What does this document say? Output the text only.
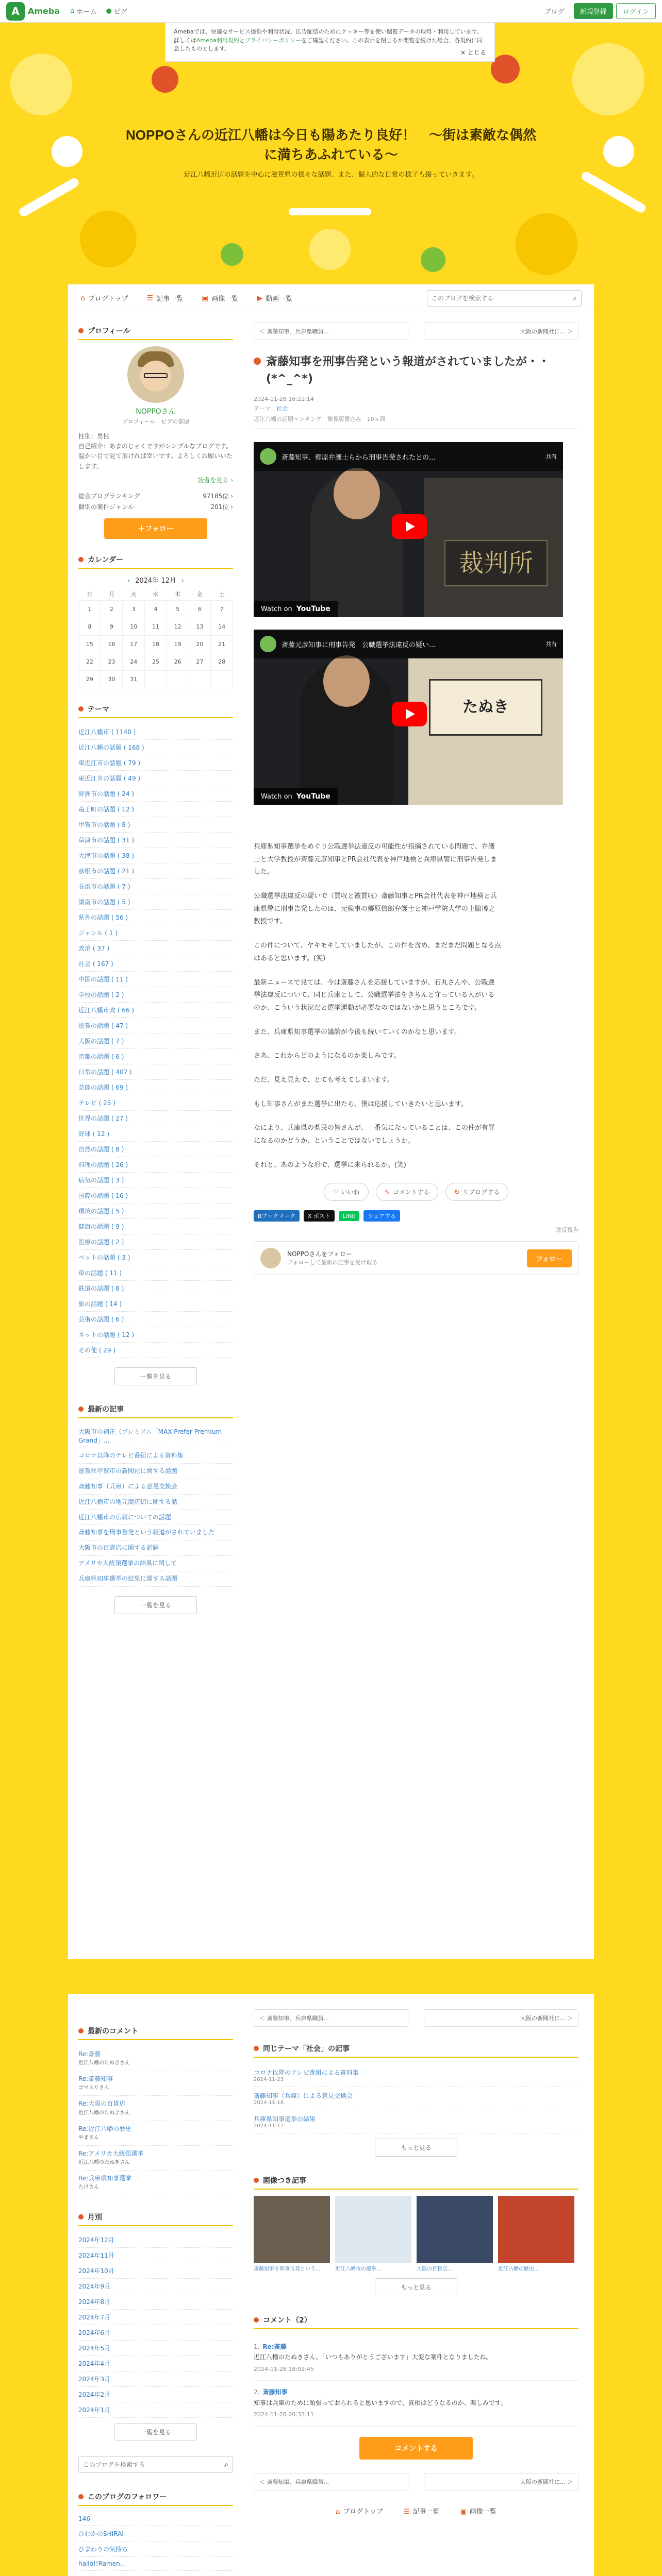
A	Ameba ⌂ ホーム ● ピグ	ブログ	新規登録	ログイン
NOPPOさんの近江八幡は今日も陽あたり良好！　〜街は素敵な偶然
に満ちあふれている〜
近江八幡近辺の話題を中心に滋賀県の様々な話題、また、個人的な日常の様子も綴っていきます。
Amebaでは、快適なサービス提供や利用状況、広告配信のためにクッキー等を使い閲覧データの取得・利用しています。詳しくはAmeba利用規約とプライバシーポリシーをご確認ください。この表示を閉じるか閲覧を続けた場合、各規約に同意したものとします。
× とじる
⌂ ブログトップ	☰ 記事一覧	▣ 画像一覧	▶ 動画一覧
このブログを検索する	⌕
プロフィール
NOPPOさん
プロフィール　ピグの部屋
性別：男性
自己紹介：あまのじゃくですがシンプルなブログです。温かい目で見て頂ければ幸いです。よろしくお願いいたします。
読者を見る ›
総合ブログランキング	97185位 ›
個別の案件ジャンル	201位 ›
＋フォロー
カレンダー
‹ 2024年 12月 ›
日	月	火	水	木	金	土
1	2	3	4	5	6	7
8	9	10	11	12	13	14
15	16	17	18	19	20	21
22	23	24	25	26	27	28
29	30	31				
テーマ
近江八幡市 ( 1140 )
近江八幡の話題 ( 168 )
東近江市の話題 ( 79 )
東近江市の話題 ( 49 )
野洲市の話題 ( 24 )
竜王町の話題 ( 12 )
甲賀市の話題 ( 8 )
草津市の話題 ( 31 )
大津市の話題 ( 38 )
彦根市の話題 ( 21 )
長浜市の話題 ( 7 )
湖南市の話題 ( 5 )
県外の話題 ( 56 )
ジャンル ( 1 )
政治 ( 37 )
社会 ( 167 )
中国の話題 ( 11 )
学校の話題 ( 2 )
近江八幡市政 ( 66 )
滋賀の話題 ( 47 )
大阪の話題 ( 7 )
京都の話題 ( 6 )
日常の話題 ( 407 )
芸能の話題 ( 69 )
テレビ ( 25 )
世界の話題 ( 27 )
野球 ( 12 )
自然の話題 ( 8 )
料理の話題 ( 26 )
病気の話題 ( 3 )
国際の話題 ( 16 )
環境の話題 ( 5 )
健康の話題 ( 9 )
医療の話題 ( 2 )
ペットの話題 ( 3 )
車の話題 ( 11 )
鉄道の話題 ( 8 )
旅の話題 ( 14 )
芸術の話題 ( 6 )
ネットの話題 ( 12 )
その他 ( 29 )
一覧を見る
最新の記事
大阪市の補正（プレミアム「MAX Prefer Premium Grand」...
コロナ以降のテレビ番組による資料集
滋賀県甲賀市の新聞社に関する話題
斎藤知事（兵庫）による意見交換会
近江八幡市の地元商店街に関する話
近江八幡市の広報についての話題
斎藤知事を刑事告発という報道がされていました
大阪市の百貨店に関する話題
アメリカ大統領選挙の結果に関して
兵庫県知事選挙の結果に関する話題
一覧を見る
＜ 斎藤知事、兵庫県職員...	大阪の新聞社に... ＞
斎藤知事を刑事告発という報道がされていましたが・・(*^_^*)
2024-11-28 16:21:14
テーマ：社会
近江八幡の話題ランキング　簡易版書込み　10ｓ回
裁判所
斎藤知事、郷原弁護士らから刑事告発されたとの...	共有
Watch on YouTube
たぬき
斎藤元彦知事に刑事告発　公職選挙法違反の疑い...	共有
Watch on YouTube

兵庫県知事選挙をめぐり公職選挙法違反の可能性が指摘されている問題で、弁護士と大学教授が斎藤元彦知事とPR会社代表を神戸地検と兵庫県警に刑事告発しました。

公職選挙法違反の疑いで（買収と被買収）斎藤知事とPR会社代表を神戸地検と兵庫県警に刑事告発したのは、元検事の郷原信郎弁護士と神戸学院大学の上脇博之教授です。

この件について、ヤキモキしていましたが、この件を含め、まだまだ問題となる点はあると思います。(笑)

最新ニュースで見ては、今は斎藤さんを応援していますが、石丸さんや、公職選挙法違反について、同じ兵庫として、公職選挙法をきちんと守っている人がいるのか、こういう状況だと選挙運動が必要なのではないかと思うところです。

また、兵庫県知事選挙の議論が今後も続いていくのかなと思います。

さあ、これからどのようになるのか楽しみです。

ただ、見え見えで、とても考えてしまいます。

もし知事さんがまた選挙に出たら、僕は応援していきたいと思います。

なにより、兵庫県の県民の皆さんが、一番気になっていることは、この件が有罪になるのかどうか、ということではないでしょうか。

それと、あのような形で、選挙に来られるか。(笑)

♡ いいね	✎ コメントする	↻ リブログする
Bブックマーク	X ポスト	LINE	シェアする
違反報告
NOPPOさんをフォロー
フォローして最新の記事を受け取る	フォロー
最新のコメント
Re:斎藤
近江八幡のたぬきさん
Re:斎藤知事
ゴマスリさん
Re:大阪の百貨店
近江八幡のたぬきさん
Re:近江八幡の歴史
やまさん
Re:アメリカ大統領選挙
近江八幡のたぬきさん
Re:兵庫県知事選挙
たけさん
月別
2024年12月
2024年11月
2024年10月
2024年9月
2024年8月
2024年7月
2024年6月
2024年5月
2024年4月
2024年3月
2024年2月
2024年1月
一覧を見る
このブログを検索する
⌕
このブログのフォロワー
146
ひむかのSHIRAI
ひまわりの気持ち
hallo!!Ramen...
＜ 斎藤知事、兵庫県職員...	大阪の新聞社に... ＞
同じテーマ「社会」の記事
コロナ以降のテレビ番組による資料集
2024-11-23
斎藤知事（兵庫）による意見交換会
2024-11-18
兵庫県知事選挙の結果
2024-11-17
もっと見る
画像つき記事
斎藤知事を刑事告発という...	近江八幡市の選挙...	大阪の百貨店...	近江八幡の歴史...
もっと見る
コメント（2）
1. Re:斎藤
近江八幡のたぬきさん。「いつもありがとうございます」大変な案件となりましたね。
2024-11-28 18:02:45
2. 斎藤知事
知事は兵庫のために頑張っておられると思いますので、真相はどうなるのか、楽しみです。
2024-11-28 20:33:11
コメントする
＜ 斎藤知事、兵庫県職員...	大阪の新聞社に... ＞
⌂ ブログトップ	☰ 記事一覧	▣ 画像一覧
